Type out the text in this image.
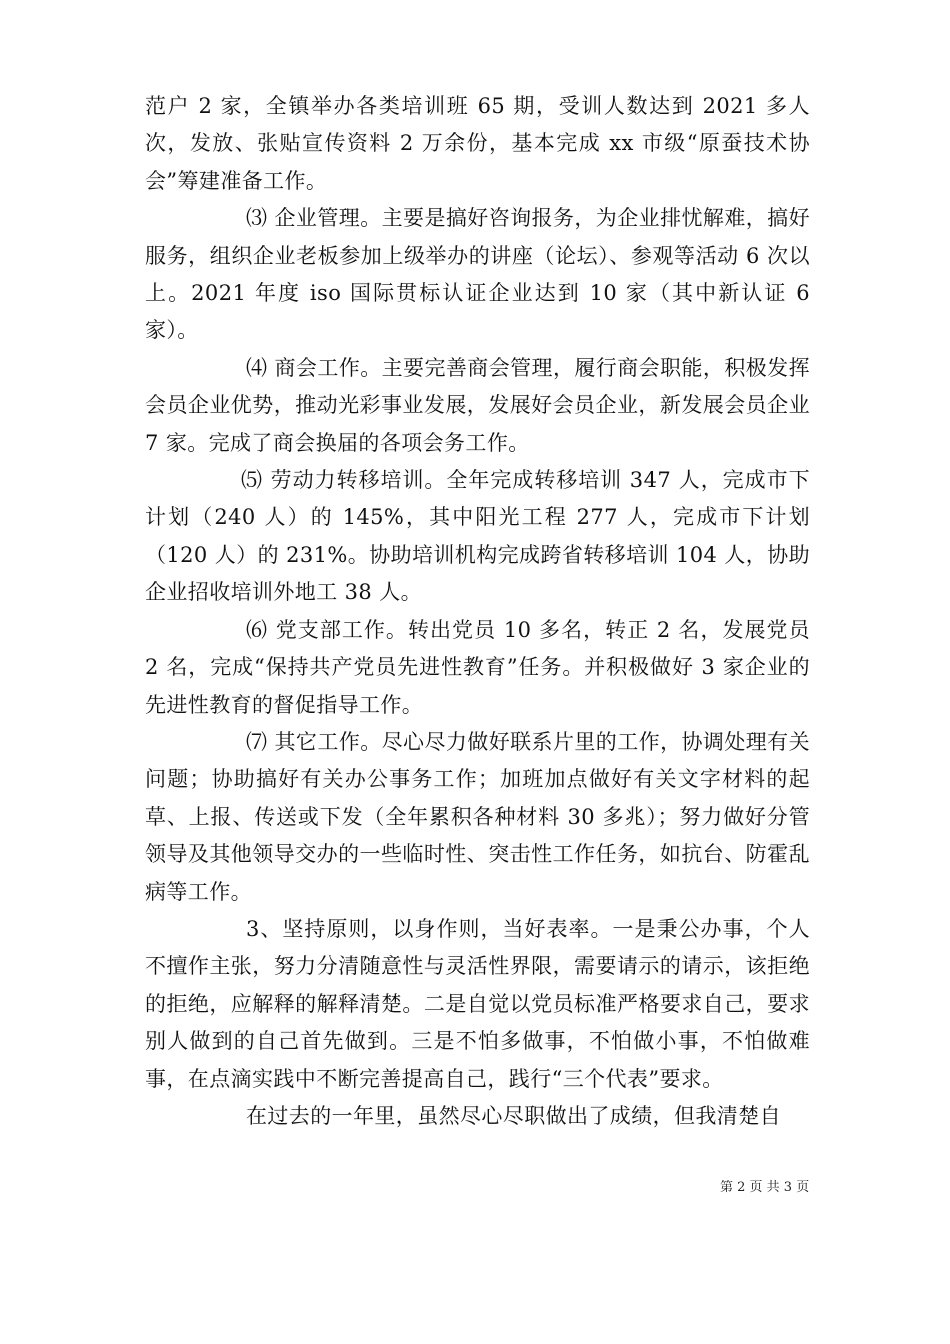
范户 2 家，全镇举办各类培训班 65 期，受训人数达到 2021 多人次，发放、张贴宣传资料 2 万余份，基本完成 xx 市级“原蚕技术协会”筹建准备工作。

⑶ 企业管理。主要是搞好咨询报务，为企业排忧解难，搞好服务，组织企业老板参加上级举办的讲座（论坛）、参观等活动 6 次以上。2021 年度 iso 国际贯标认证企业达到 10 家（其中新认证 6 家）。

⑷ 商会工作。主要完善商会管理，履行商会职能，积极发挥会员企业优势，推动光彩事业发展，发展好会员企业，新发展会员企业 7 家。完成了商会换届的各项会务工作。

⑸ 劳动力转移培训。全年完成转移培训 347 人，完成市下计划（240 人）的 145%，其中阳光工程 277 人，完成市下计划（120 人）的 231%。协助培训机构完成跨省转移培训 104 人，协助企业招收培训外地工 38 人。

⑹ 党支部工作。转出党员 10 多名，转正 2 名，发展党员 2 名，完成“保持共产党员先进性教育”任务。并积极做好 3 家企业的先进性教育的督促指导工作。

⑺ 其它工作。尽心尽力做好联系片里的工作，协调处理有关问题；协助搞好有关办公事务工作；加班加点做好有关文字材料的起草、上报、传送或下发（全年累积各种材料 30 多兆）；努力做好分管领导及其他领导交办的一些临时性、突击性工作任务，如抗台、防霍乱病等工作。

3、坚持原则，以身作则，当好表率。一是秉公办事，个人不擅作主张，努力分清随意性与灵活性界限，需要请示的请示，该拒绝的拒绝，应解释的解释清楚。二是自觉以党员标准严格要求自己，要求别人做到的自己首先做到。三是不怕多做事，不怕做小事，不怕做难事，在点滴实践中不断完善提高自己，践行“三个代表”要求。

在过去的一年里，虽然尽心尽职做出了成绩，但我清楚自

第 2 页 共 3 页
